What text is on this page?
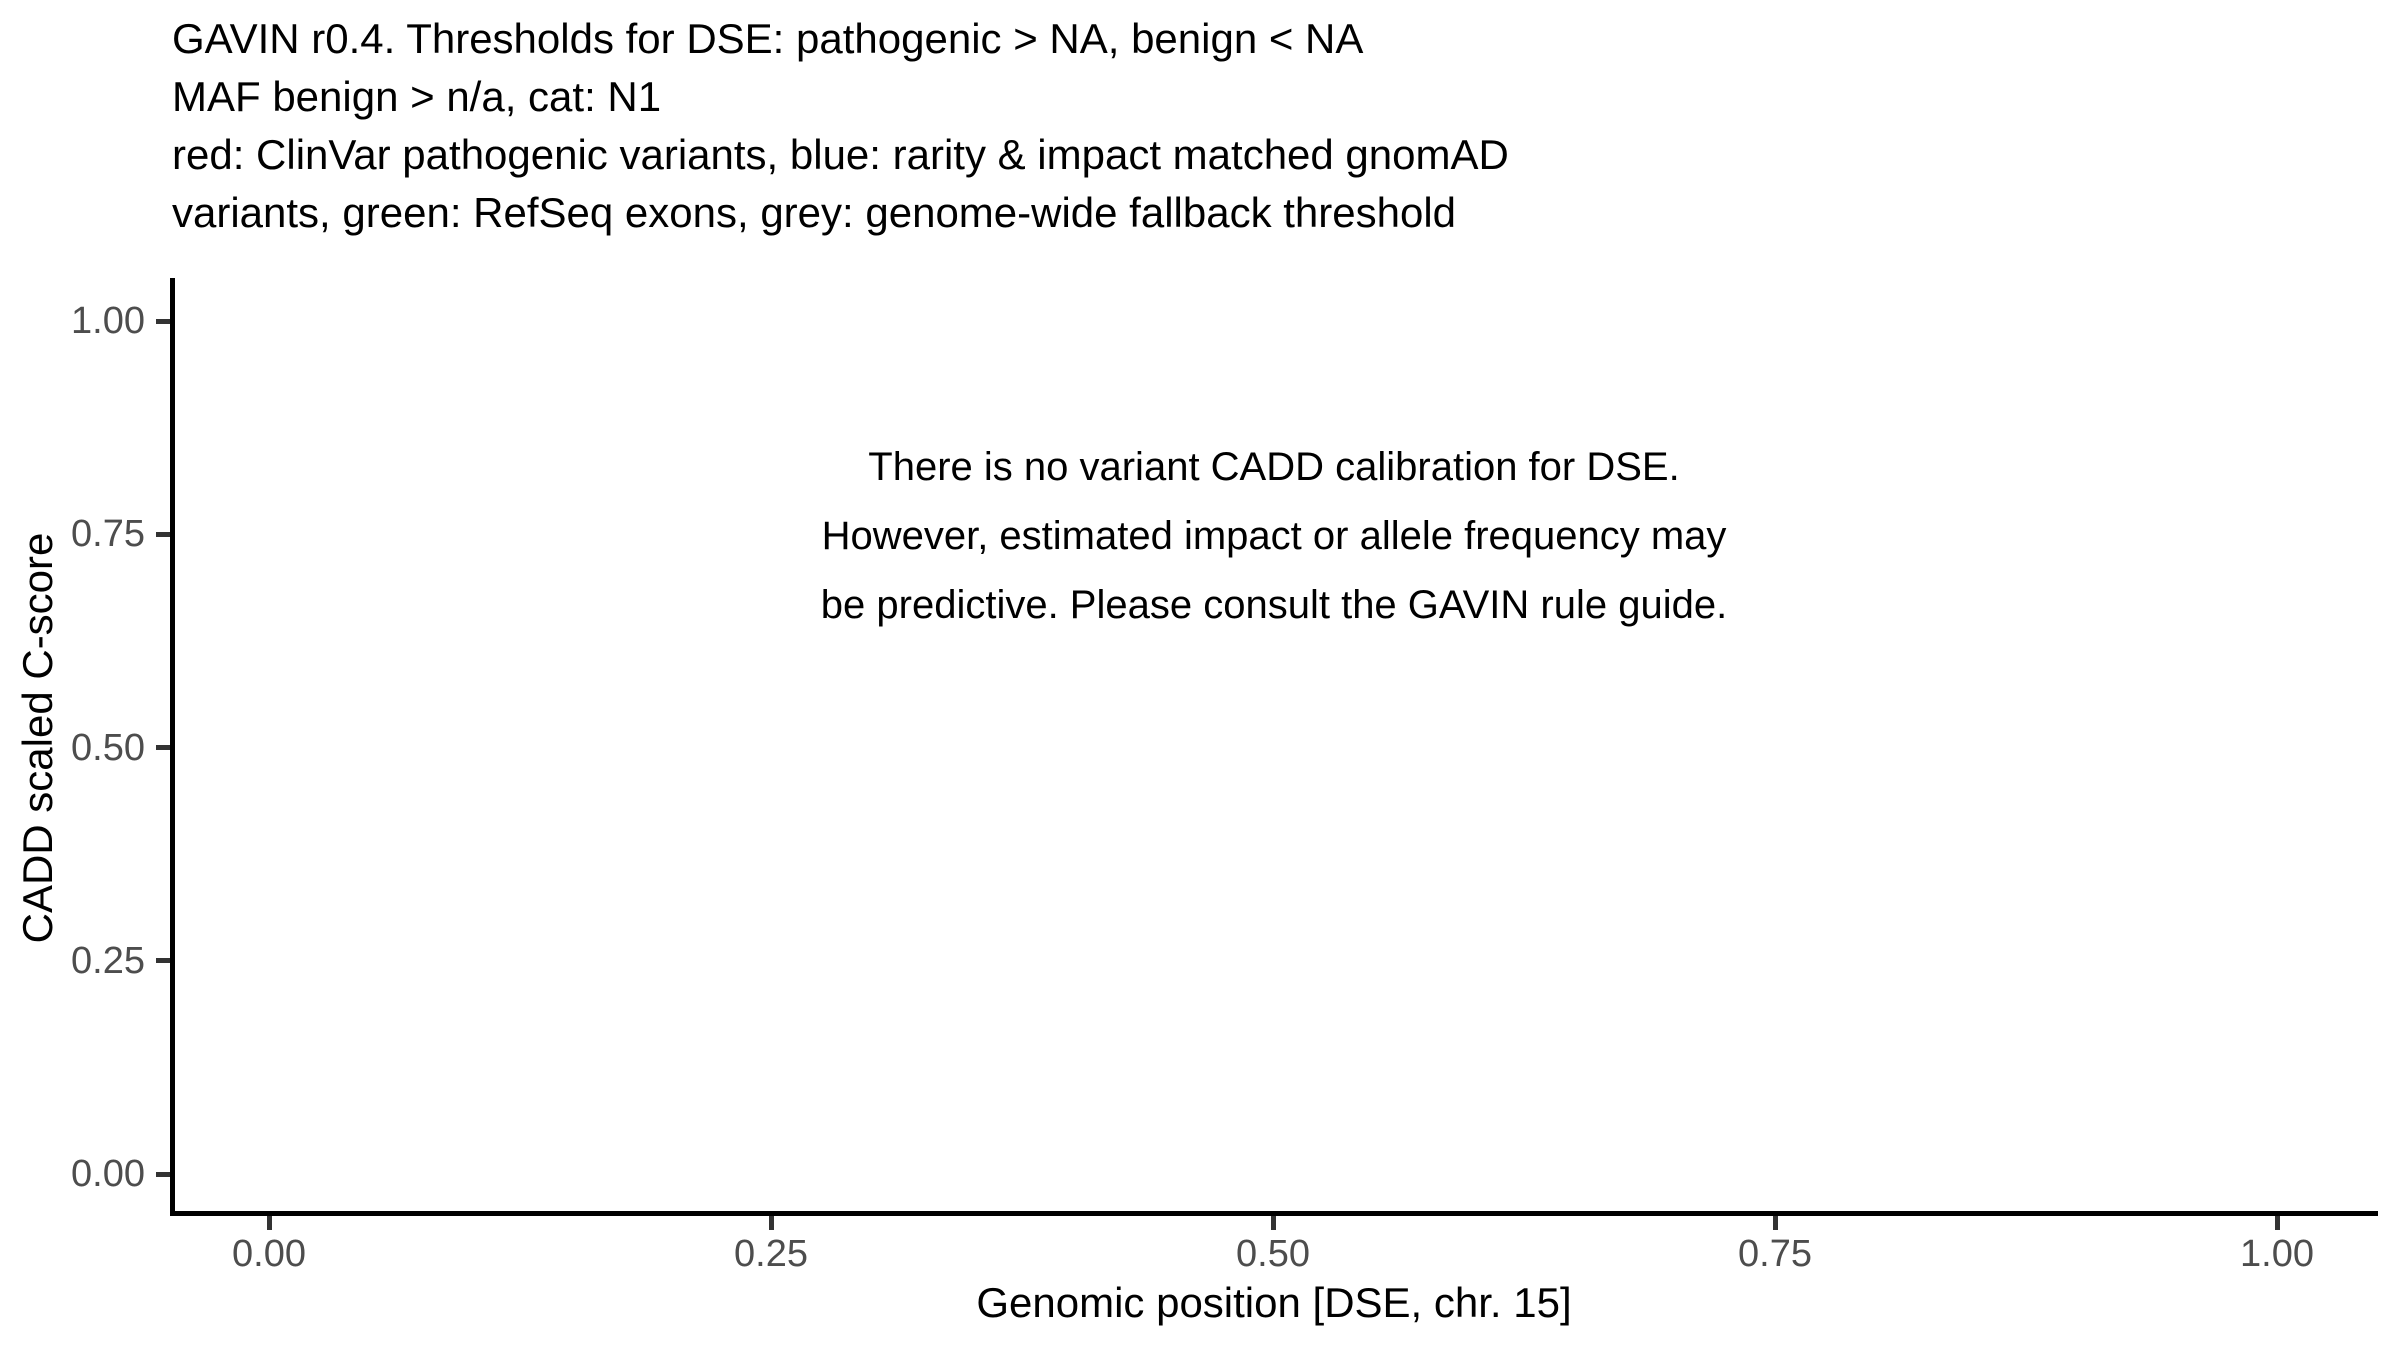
GAVIN r0.4. Thresholds for DSE: pathogenic > NA, benign < NA
MAF benign > n/a, cat: N1
red: ClinVar pathogenic variants, blue: rarity & impact matched gnomAD
variants, green: RefSeq exons, grey: genome-wide fallback threshold
There is no variant CADD calibration for DSE.
However, estimated impact or allele frequency may
be predictive. Please consult the GAVIN rule guide.
CADD scaled C-score
Genomic position [DSE, chr. 15]
1.00
0.75
0.50
0.25
0.00
0.00	0.25	0.50	0.75	1.00
